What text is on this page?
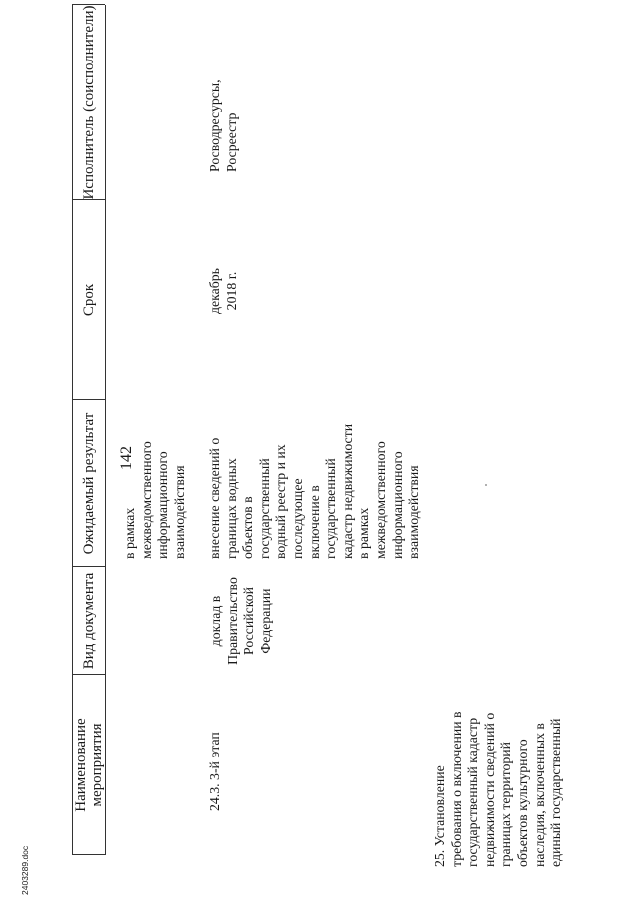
142
Наименование мероприятия
Вид документа
Ожидаемый результат
Срок
Исполнитель (соисполнители)
в рамках межведомственного информационного взаимодействия
24.3. 3-й этап
доклад в Правительство Российской Федерации
внесение сведений о границах водных объектов в государственный водный реестр и их последующее включение в государственный кадастр недвижимости в рамках межведомственного информационного взаимодействия
декабрь 2018 г.
Росводресурсы, Росреестр
25. Установление требования о включении в государственный кадастр недвижимости сведений о границах территорий объектов культурного наследия, включенных в единый государственный
2403289.doc
